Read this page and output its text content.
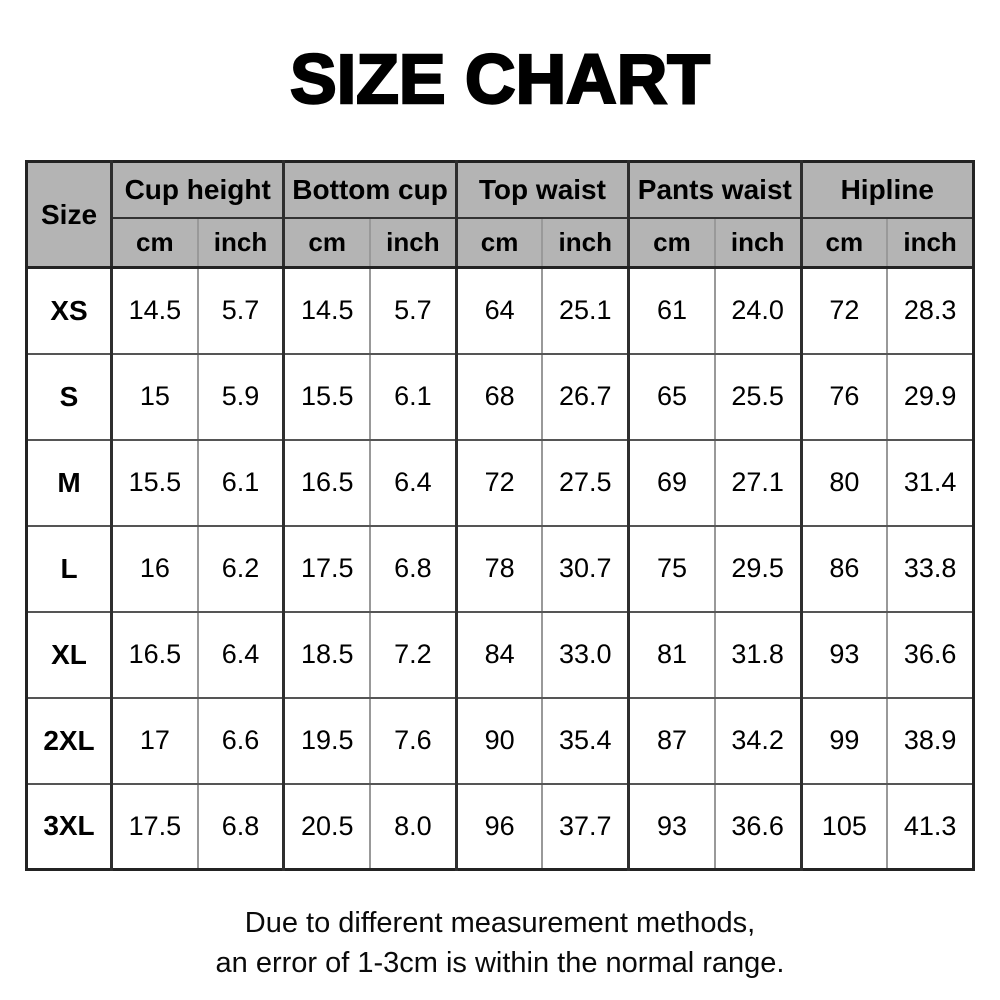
SIZE CHART
Size	Cup height		Bottom cup		Top waist		Pants waist		Hipline	
	cm	inch	cm	inch	cm	inch	cm	inch	cm	inch
XS	14.5	5.7	14.5	5.7	64	25.1	61	24.0	72	28.3
S	15	5.9	15.5	6.1	68	26.7	65	25.5	76	29.9
M	15.5	6.1	16.5	6.4	72	27.5	69	27.1	80	31.4
L	16	6.2	17.5	6.8	78	30.7	75	29.5	86	33.8
XL	16.5	6.4	18.5	7.2	84	33.0	81	31.8	93	36.6
2XL	17	6.6	19.5	7.6	90	35.4	87	34.2	99	38.9
3XL	17.5	6.8	20.5	8.0	96	37.7	93	36.6	105	41.3
Due to different measurement methods,
an error of 1-3cm is within the normal range.
